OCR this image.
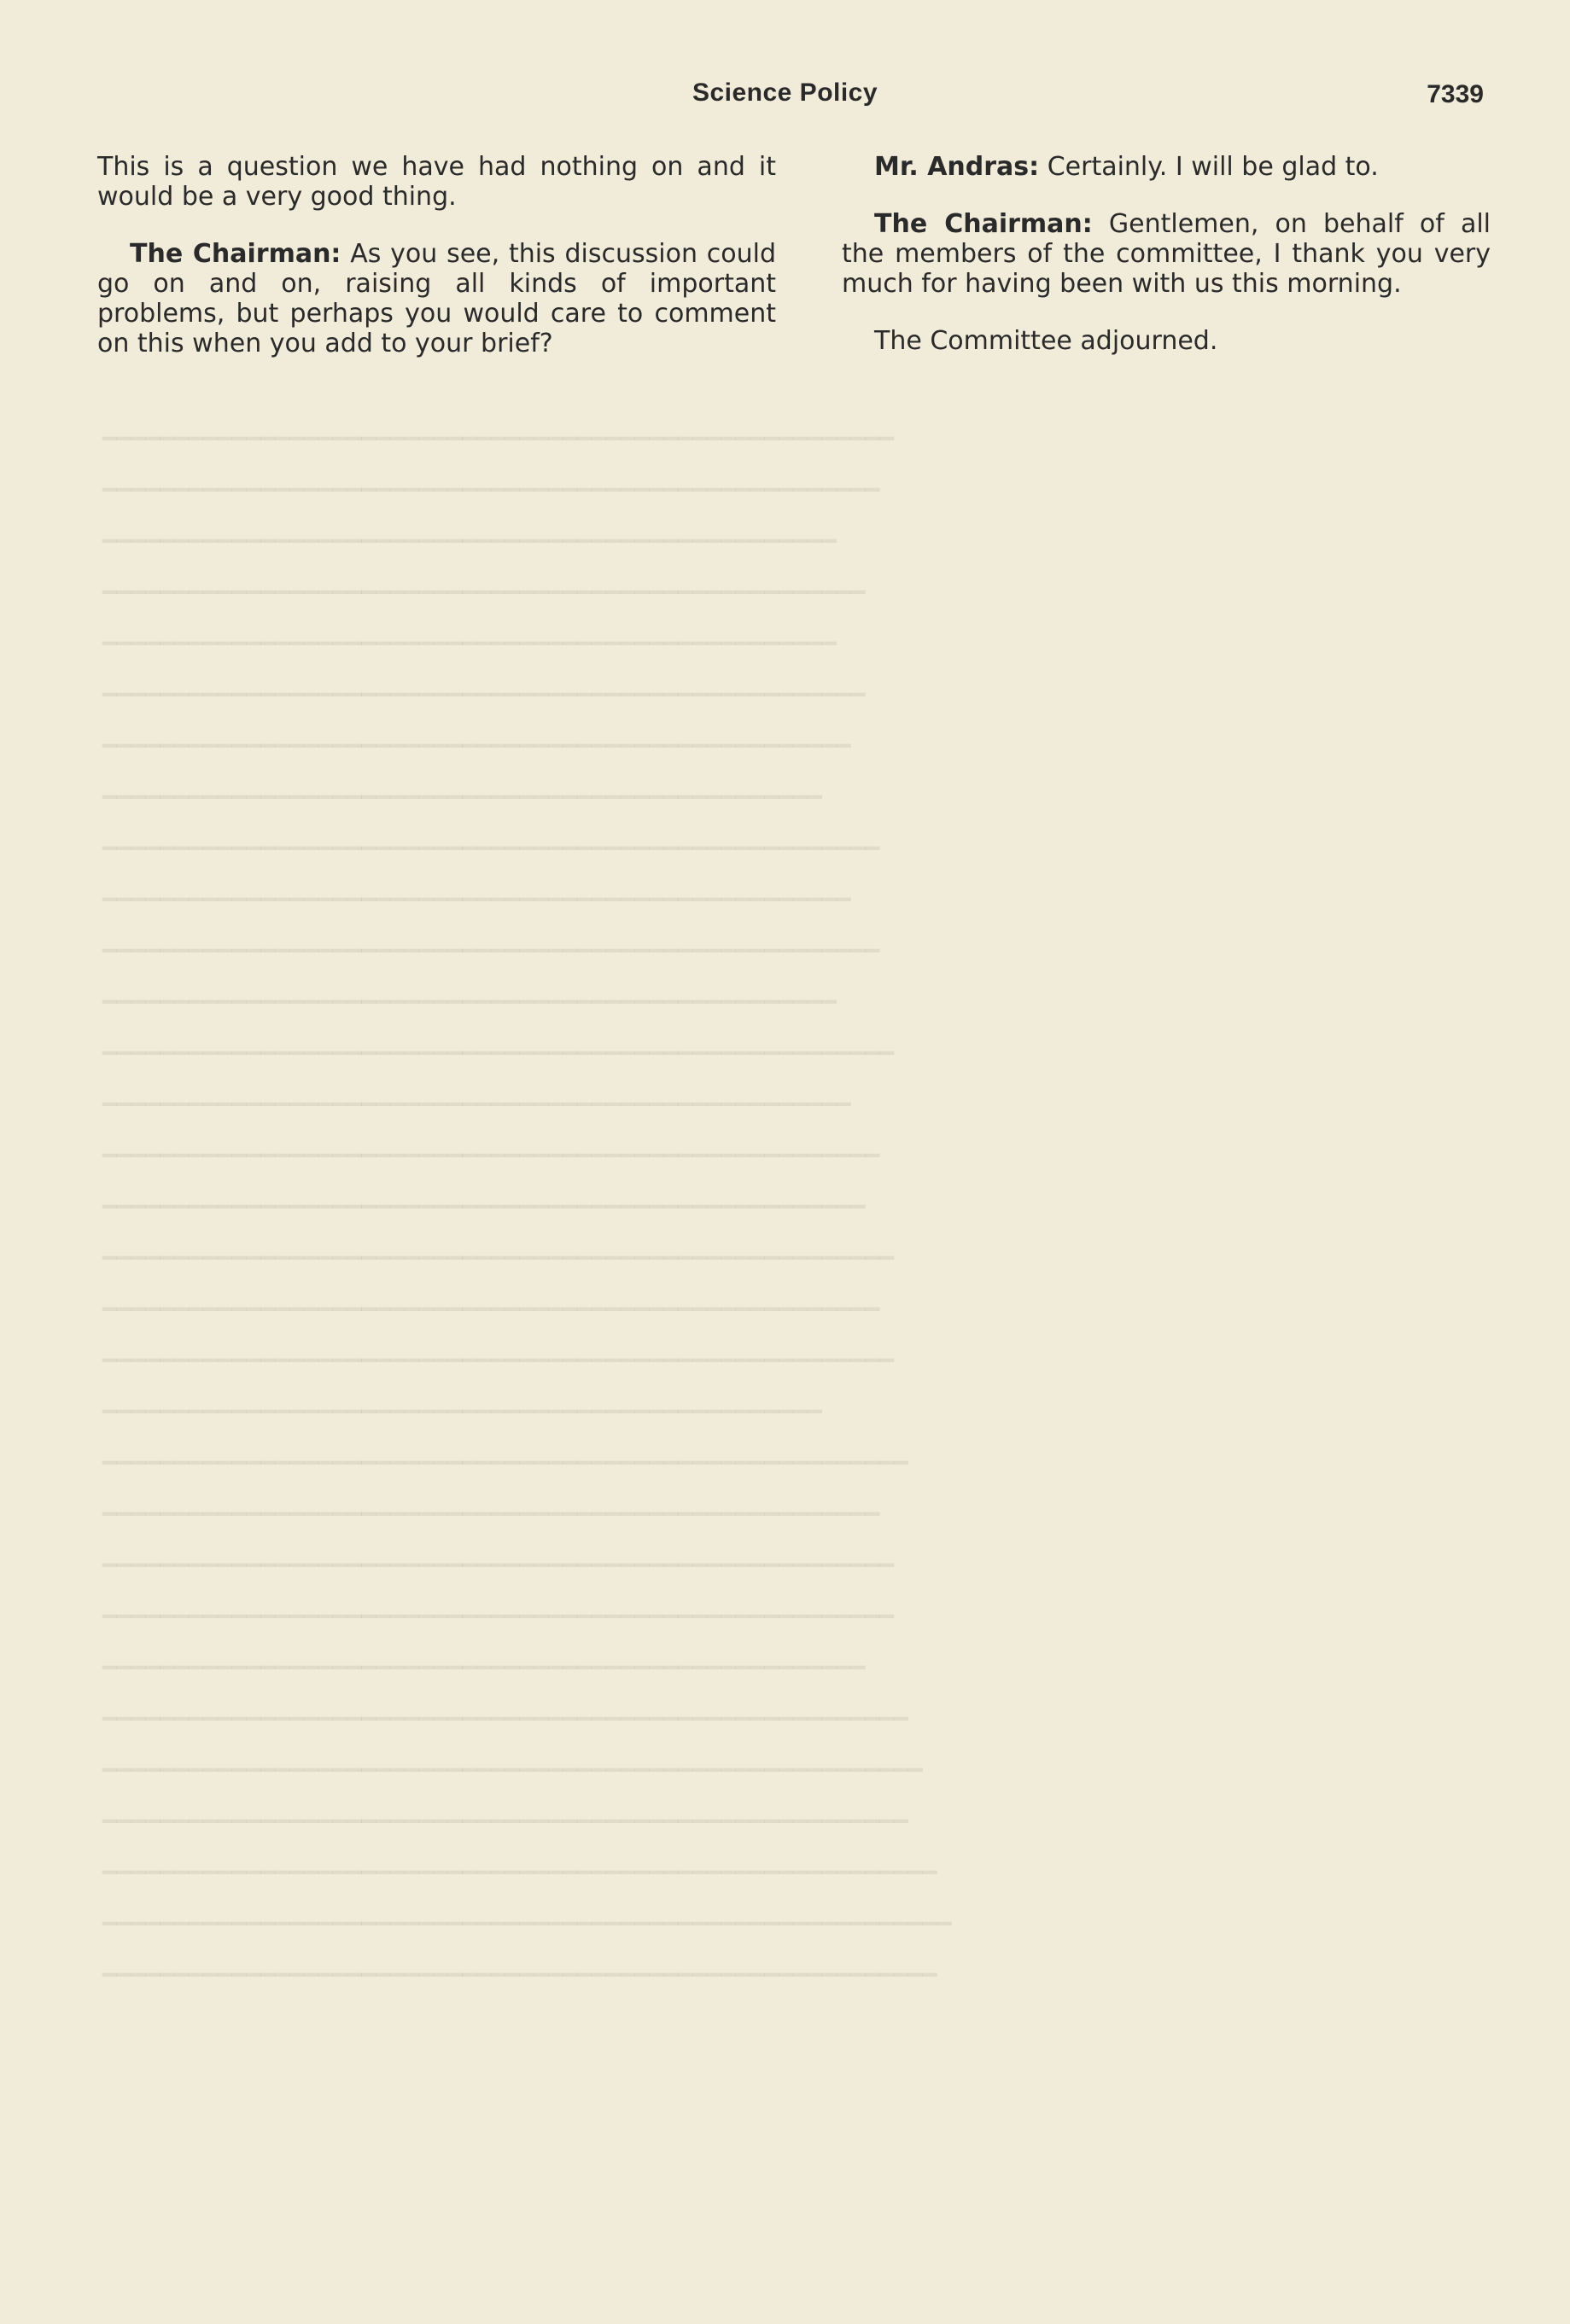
▁▁▁▁▁▁▁▁▁▁▁▁▁▁▁▁▁▁▁▁▁▁▁▁▁▁▁▁▁▁▁▁▁▁▁▁▁▁▁▁▁▁▁▁▁▁▁▁▁▁▁▁▁▁▁
▁▁▁▁▁▁▁▁▁▁▁▁▁▁▁▁▁▁▁▁▁▁▁▁▁▁▁▁▁▁▁▁▁▁▁▁▁▁▁▁▁▁▁▁▁▁▁▁▁▁▁▁▁▁
▁▁▁▁▁▁▁▁▁▁▁▁▁▁▁▁▁▁▁▁▁▁▁▁▁▁▁▁▁▁▁▁▁▁▁▁▁▁▁▁▁▁▁▁▁▁▁▁▁▁▁
▁▁▁▁▁▁▁▁▁▁▁▁▁▁▁▁▁▁▁▁▁▁▁▁▁▁▁▁▁▁▁▁▁▁▁▁▁▁▁▁▁▁▁▁▁▁▁▁▁▁▁▁▁
▁▁▁▁▁▁▁▁▁▁▁▁▁▁▁▁▁▁▁▁▁▁▁▁▁▁▁▁▁▁▁▁▁▁▁▁▁▁▁▁▁▁▁▁▁▁▁▁▁▁▁
▁▁▁▁▁▁▁▁▁▁▁▁▁▁▁▁▁▁▁▁▁▁▁▁▁▁▁▁▁▁▁▁▁▁▁▁▁▁▁▁▁▁▁▁▁▁▁▁▁▁▁▁▁
▁▁▁▁▁▁▁▁▁▁▁▁▁▁▁▁▁▁▁▁▁▁▁▁▁▁▁▁▁▁▁▁▁▁▁▁▁▁▁▁▁▁▁▁▁▁▁▁▁▁▁▁
▁▁▁▁▁▁▁▁▁▁▁▁▁▁▁▁▁▁▁▁▁▁▁▁▁▁▁▁▁▁▁▁▁▁▁▁▁▁▁▁▁▁▁▁▁▁▁▁▁▁
▁▁▁▁▁▁▁▁▁▁▁▁▁▁▁▁▁▁▁▁▁▁▁▁▁▁▁▁▁▁▁▁▁▁▁▁▁▁▁▁▁▁▁▁▁▁▁▁▁▁▁▁▁▁
▁▁▁▁▁▁▁▁▁▁▁▁▁▁▁▁▁▁▁▁▁▁▁▁▁▁▁▁▁▁▁▁▁▁▁▁▁▁▁▁▁▁▁▁▁▁▁▁▁▁▁▁
▁▁▁▁▁▁▁▁▁▁▁▁▁▁▁▁▁▁▁▁▁▁▁▁▁▁▁▁▁▁▁▁▁▁▁▁▁▁▁▁▁▁▁▁▁▁▁▁▁▁▁▁▁▁
▁▁▁▁▁▁▁▁▁▁▁▁▁▁▁▁▁▁▁▁▁▁▁▁▁▁▁▁▁▁▁▁▁▁▁▁▁▁▁▁▁▁▁▁▁▁▁▁▁▁▁
▁▁▁▁▁▁▁▁▁▁▁▁▁▁▁▁▁▁▁▁▁▁▁▁▁▁▁▁▁▁▁▁▁▁▁▁▁▁▁▁▁▁▁▁▁▁▁▁▁▁▁▁▁▁▁
▁▁▁▁▁▁▁▁▁▁▁▁▁▁▁▁▁▁▁▁▁▁▁▁▁▁▁▁▁▁▁▁▁▁▁▁▁▁▁▁▁▁▁▁▁▁▁▁▁▁▁▁
▁▁▁▁▁▁▁▁▁▁▁▁▁▁▁▁▁▁▁▁▁▁▁▁▁▁▁▁▁▁▁▁▁▁▁▁▁▁▁▁▁▁▁▁▁▁▁▁▁▁▁▁▁▁
▁▁▁▁▁▁▁▁▁▁▁▁▁▁▁▁▁▁▁▁▁▁▁▁▁▁▁▁▁▁▁▁▁▁▁▁▁▁▁▁▁▁▁▁▁▁▁▁▁▁▁▁▁
▁▁▁▁▁▁▁▁▁▁▁▁▁▁▁▁▁▁▁▁▁▁▁▁▁▁▁▁▁▁▁▁▁▁▁▁▁▁▁▁▁▁▁▁▁▁▁▁▁▁▁▁▁▁▁
▁▁▁▁▁▁▁▁▁▁▁▁▁▁▁▁▁▁▁▁▁▁▁▁▁▁▁▁▁▁▁▁▁▁▁▁▁▁▁▁▁▁▁▁▁▁▁▁▁▁▁▁▁▁
▁▁▁▁▁▁▁▁▁▁▁▁▁▁▁▁▁▁▁▁▁▁▁▁▁▁▁▁▁▁▁▁▁▁▁▁▁▁▁▁▁▁▁▁▁▁▁▁▁▁▁▁▁▁▁
▁▁▁▁▁▁▁▁▁▁▁▁▁▁▁▁▁▁▁▁▁▁▁▁▁▁▁▁▁▁▁▁▁▁▁▁▁▁▁▁▁▁▁▁▁▁▁▁▁▁
▁▁▁▁▁▁▁▁▁▁▁▁▁▁▁▁▁▁▁▁▁▁▁▁▁▁▁▁▁▁▁▁▁▁▁▁▁▁▁▁▁▁▁▁▁▁▁▁▁▁▁▁▁▁▁▁
▁▁▁▁▁▁▁▁▁▁▁▁▁▁▁▁▁▁▁▁▁▁▁▁▁▁▁▁▁▁▁▁▁▁▁▁▁▁▁▁▁▁▁▁▁▁▁▁▁▁▁▁▁▁
▁▁▁▁▁▁▁▁▁▁▁▁▁▁▁▁▁▁▁▁▁▁▁▁▁▁▁▁▁▁▁▁▁▁▁▁▁▁▁▁▁▁▁▁▁▁▁▁▁▁▁▁▁▁▁
▁▁▁▁▁▁▁▁▁▁▁▁▁▁▁▁▁▁▁▁▁▁▁▁▁▁▁▁▁▁▁▁▁▁▁▁▁▁▁▁▁▁▁▁▁▁▁▁▁▁▁▁▁▁▁
▁▁▁▁▁▁▁▁▁▁▁▁▁▁▁▁▁▁▁▁▁▁▁▁▁▁▁▁▁▁▁▁▁▁▁▁▁▁▁▁▁▁▁▁▁▁▁▁▁▁▁▁▁
▁▁▁▁▁▁▁▁▁▁▁▁▁▁▁▁▁▁▁▁▁▁▁▁▁▁▁▁▁▁▁▁▁▁▁▁▁▁▁▁▁▁▁▁▁▁▁▁▁▁▁▁▁▁▁▁
▁▁▁▁▁▁▁▁▁▁▁▁▁▁▁▁▁▁▁▁▁▁▁▁▁▁▁▁▁▁▁▁▁▁▁▁▁▁▁▁▁▁▁▁▁▁▁▁▁▁▁▁▁▁▁▁▁
▁▁▁▁▁▁▁▁▁▁▁▁▁▁▁▁▁▁▁▁▁▁▁▁▁▁▁▁▁▁▁▁▁▁▁▁▁▁▁▁▁▁▁▁▁▁▁▁▁▁▁▁▁▁▁▁
▁▁▁▁▁▁▁▁▁▁▁▁▁▁▁▁▁▁▁▁▁▁▁▁▁▁▁▁▁▁▁▁▁▁▁▁▁▁▁▁▁▁▁▁▁▁▁▁▁▁▁▁▁▁▁▁▁▁
▁▁▁▁▁▁▁▁▁▁▁▁▁▁▁▁▁▁▁▁▁▁▁▁▁▁▁▁▁▁▁▁▁▁▁▁▁▁▁▁▁▁▁▁▁▁▁▁▁▁▁▁▁▁▁▁▁▁▁
▁▁▁▁▁▁▁▁▁▁▁▁▁▁▁▁▁▁▁▁▁▁▁▁▁▁▁▁▁▁▁▁▁▁▁▁▁▁▁▁▁▁▁▁▁▁▁▁▁▁▁▁▁▁▁▁▁▁
Science Policy	7339

This is a question we have had nothing on and it would be a very good thing.

The Chairman: As you see, this discussion could go on and on, raising all kinds of important problems, but perhaps you would care to comment on this when you add to your brief?

Mr. Andras: Certainly. I will be glad to.

The Chairman: Gentlemen, on behalf of all the members of the committee, I thank you very much for having been with us this morning.

The Committee adjourned.
